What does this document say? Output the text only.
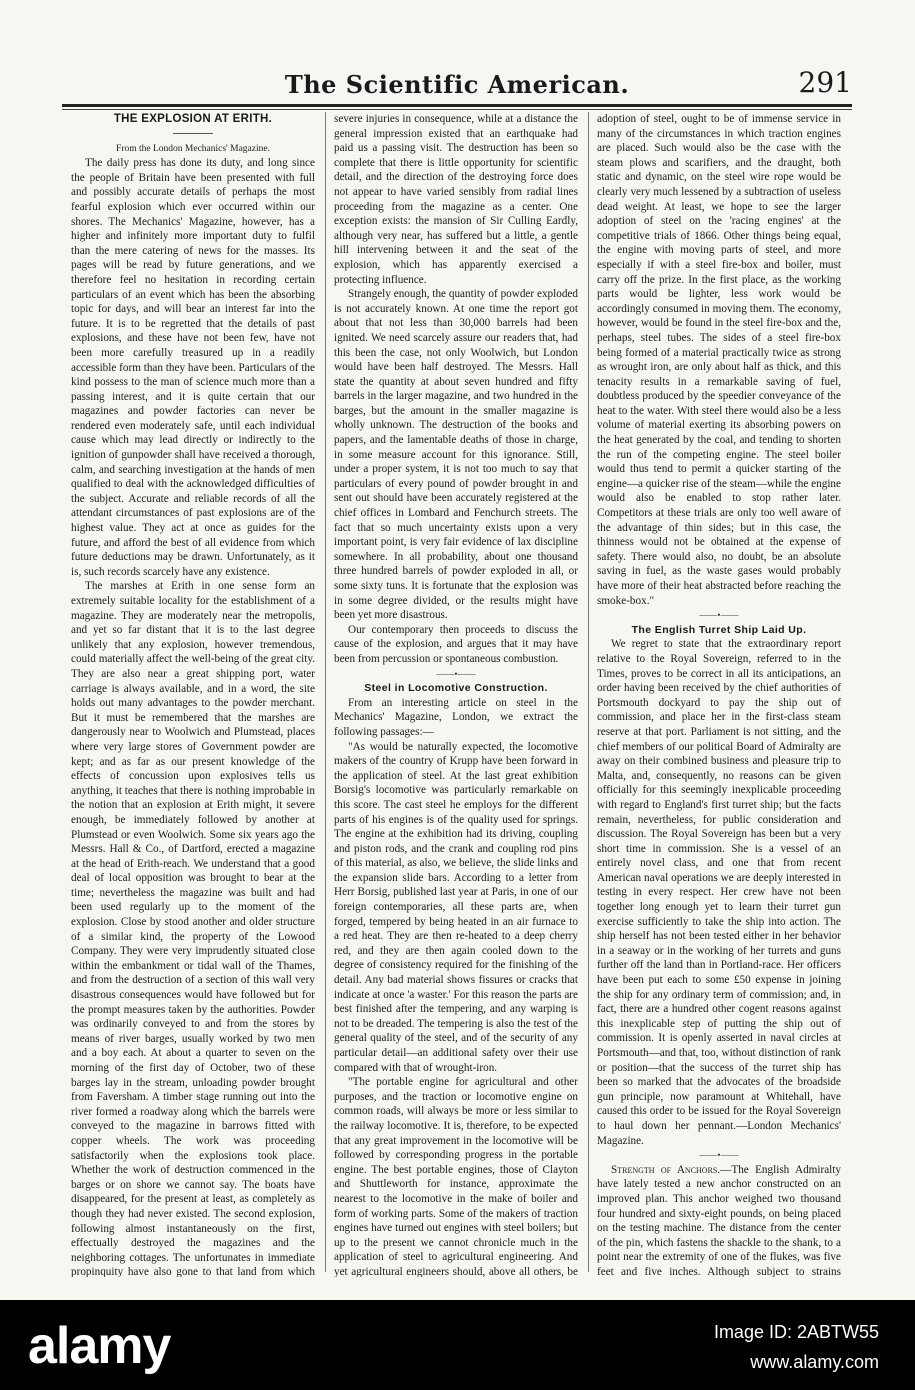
The Scientific American.	291

THE EXPLOSION AT ERITH.

From the London Mechanics' Magazine.

The daily press has done its duty, and long since the people of Britain have been presented with full and possibly accurate details of perhaps the most fearful explosion which ever occurred within our shores. The Mechanics' Magazine, however, has a higher and infinitely more important duty to fulfil than the mere catering of news for the masses. Its pages will be read by future generations, and we therefore feel no hesitation in recording certain particulars of an event which has been the absorbing topic for days, and will bear an interest far into the future. It is to be regretted that the details of past explosions, and these have not been few, have not been more carefully treasured up in a readily accessible form than they have been. Particulars of the kind possess to the man of science much more than a passing interest, and it is quite certain that our magazines and powder factories can never be rendered even moderately safe, until each individual cause which may lead directly or indirectly to the ignition of gunpowder shall have received a thorough, calm, and searching investigation at the hands of men qualified to deal with the acknowledged difficulties of the subject. Accurate and reliable records of all the attendant circumstances of past explosions are of the highest value. They act at once as guides for the future, and afford the best of all evidence from which future deductions may be drawn. Unfortunately, as it is, such records scarcely have any existence.

The marshes at Erith in one sense form an extremely suitable locality for the establishment of a magazine. They are moderately near the metropolis, and yet so far distant that it is to the last degree unlikely that any explosion, however tremendous, could materially affect the well-being of the great city. They are also near a great shipping port, water carriage is always available, and in a word, the site holds out many advantages to the powder merchant. But it must be remembered that the marshes are dangerously near to Woolwich and Plumstead, places where very large stores of Government powder are kept; and as far as our present knowledge of the effects of concussion upon explosives tells us anything, it teaches that there is nothing improbable in the notion that an explosion at Erith might, it severe enough, be immediately followed by another at Plumstead or even Woolwich. Some six years ago the Messrs. Hall & Co., of Dartford, erected a magazine at the head of Erith-reach. We understand that a good deal of local opposition was brought to bear at the time; nevertheless the magazine was built and had been used regularly up to the moment of the explosion. Close by stood another and older structure of a similar kind, the property of the Lowood Company. They were very imprudently situated close within the embankment or tidal wall of the Thames, and from the destruction of a section of this wall very disastrous consequences would have followed but for the prompt measures taken by the authorities. Powder was ordinarily conveyed to and from the stores by means of river barges, usually worked by two men and a boy each. At about a quarter to seven on the morning of the first day of October, two of these barges lay in the stream, unloading powder brought from Faversham. A timber stage running out into the river formed a roadway along which the barrels were conveyed to the magazine in barrows fitted with copper wheels. The work was proceeding satisfactorily when the explosions took place. Whether the work of destruction commenced in the barges or on shore we cannot say. The boats have disappeared, for the present at least, as completely as though they had never existed. The second explosion, following almost instantaneously on the first, effectually destroyed the magazines and the neighboring cottages. The unfortunates in immediate propinquity have also gone to that land from which

severe injuries in consequence, while at a distance the general impression existed that an earthquake had paid us a passing visit. The destruction has been so complete that there is little opportunity for scientific detail, and the direction of the destroying force does not appear to have varied sensibly from radial lines proceeding from the magazine as a center. One exception exists: the mansion of Sir Culling Eardly, although very near, has suffered but a little, a gentle hill intervening between it and the seat of the explosion, which has apparently exercised a protecting influence.

Strangely enough, the quantity of powder exploded is not accurately known. At one time the report got about that not less than 30,000 barrels had been ignited. We need scarcely assure our readers that, had this been the case, not only Woolwich, but London would have been half destroyed. The Messrs. Hall state the quantity at about seven hundred and fifty barrels in the larger magazine, and two hundred in the barges, but the amount in the smaller magazine is wholly unknown. The destruction of the books and papers, and the lamentable deaths of those in charge, in some measure account for this ignorance. Still, under a proper system, it is not too much to say that particulars of every pound of powder brought in and sent out should have been accurately registered at the chief offices in Lombard and Fenchurch streets. The fact that so much uncertainty exists upon a very important point, is very fair evidence of lax discipline somewhere. In all probability, about one thousand three hundred barrels of powder exploded in all, or some sixty tuns. It is fortunate that the explosion was in some degree divided, or the results might have been yet more disastrous.

Our contemporary then proceeds to discuss the cause of the explosion, and argues that it may have been from percussion or spontaneous combustion.

——•——

Steel in Locomotive Construction.

From an interesting article on steel in the Mechanics' Magazine, London, we extract the following passages:—

"As would be naturally expected, the locomotive makers of the country of Krupp have been forward in the application of steel. At the last great exhibition Borsig's locomotive was particularly remarkable on this score. The cast steel he employs for the different parts of his engines is of the quality used for springs. The engine at the exhibition had its driving, coupling and piston rods, and the crank and coupling rod pins of this material, as also, we believe, the slide links and the expansion slide bars. According to a letter from Herr Borsig, published last year at Paris, in one of our foreign contemporaries, all these parts are, when forged, tempered by being heated in an air furnace to a red heat. They are then re-heated to a deep cherry red, and they are then again cooled down to the degree of consistency required for the finishing of the detail. Any bad material shows fissures or cracks that indicate at once 'a waster.' For this reason the parts are best finished after the tempering, and any warping is not to be dreaded. The tempering is also the test of the general quality of the steel, and of the security of any particular detail—an additional safety over their use compared with that of wrought-iron.

"The portable engine for agricultural and other purposes, and the traction or locomotive engine on common roads, will always be more or less similar to the railway locomotive. It is, therefore, to be expected that any great improvement in the locomotive will be followed by corresponding progress in the portable engine. The best portable engines, those of Clayton and Shuttleworth for instance, approximate the nearest to the locomotive in the make of boiler and form of working parts. Some of the makers of traction engines have turned out engines with steel boilers; but up to the present we cannot chronicle much in the application of steel to agricultural engineering. And yet agricultural engineers should, above all others, be

adoption of steel, ought to be of immense service in many of the circumstances in which traction engines are placed. Such would also be the case with the steam plows and scarifiers, and the draught, both static and dynamic, on the steel wire rope would be clearly very much lessened by a subtraction of useless dead weight. At least, we hope to see the larger adoption of steel on the 'racing engines' at the competitive trials of 1866. Other things being equal, the engine with moving parts of steel, and more especially if with a steel fire-box and boiler, must carry off the prize. In the first place, as the working parts would be lighter, less work would be accordingly consumed in moving them. The economy, however, would be found in the steel fire-box and the, perhaps, steel tubes. The sides of a steel fire-box being formed of a material practically twice as strong as wrought iron, are only about half as thick, and this tenacity results in a remarkable saving of fuel, doubtless produced by the speedier conveyance of the heat to the water. With steel there would also be a less volume of material exerting its absorbing powers on the heat generated by the coal, and tending to shorten the run of the competing engine. The steel boiler would thus tend to permit a quicker starting of the engine—a quicker rise of the steam—while the engine would also be enabled to stop rather later. Competitors at these trials are only too well aware of the advantage of thin sides; but in this case, the thinness would not be obtained at the expense of safety. There would also, no doubt, be an absolute saving in fuel, as the waste gases would probably have more of their heat abstracted before reaching the smoke-box."

——•——

The English Turret Ship Laid Up.

We regret to state that the extraordinary report relative to the Royal Sovereign, referred to in the Times, proves to be correct in all its anticipations, an order having been received by the chief authorities of Portsmouth dockyard to pay the ship out of commission, and place her in the first-class steam reserve at that port. Parliament is not sitting, and the chief members of our political Board of Admiralty are away on their combined business and pleasure trip to Malta, and, consequently, no reasons can be given officially for this seemingly inexplicable proceeding with regard to England's first turret ship; but the facts remain, nevertheless, for public consideration and discussion. The Royal Sovereign has been but a very short time in commission. She is a vessel of an entirely novel class, and one that from recent American naval operations we are deeply interested in testing in every respect. Her crew have not been together long enough yet to learn their turret gun exercise sufficiently to take the ship into action. The ship herself has not been tested either in her behavior in a seaway or in the working of her turrets and guns further off the land than in Portland-race. Her officers have been put each to some £50 expense in joining the ship for any ordinary term of commission; and, in fact, there are a hundred other cogent reasons against this inexplicable step of putting the ship out of commission. It is openly asserted in naval circles at Portsmouth—and that, too, without distinction of rank or position—that the success of the turret ship has been so marked that the advocates of the broadside gun principle, now paramount at Whitehall, have caused this order to be issued for the Royal Sovereign to haul down her pennant.—London Mechanics' Magazine.

——•——

Strength of Anchors.—The English Admiralty have lately tested a new anchor constructed on an improved plan. This anchor weighed two thousand four hundred and sixty-eight pounds, on being placed on the testing machine. The distance from the center of the pin, which fastens the shackle to the shank, to a point near the extremity of one of the flukes, was five feet and five inches. Although subject to strains

alamy	Image ID: 2ABTW55
www.alamy.com
